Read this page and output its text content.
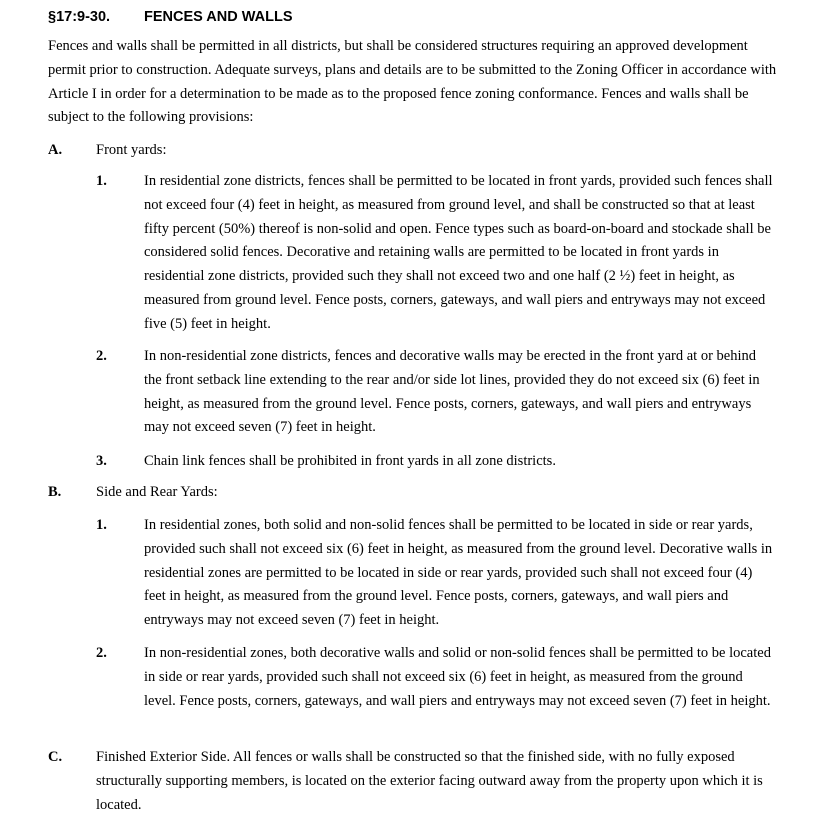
§17:9-30. FENCES AND WALLS
Fences and walls shall be permitted in all districts, but shall be considered structures requiring an approved development permit prior to construction. Adequate surveys, plans and details are to be submitted to the Zoning Officer in accordance with Article I in order for a determination to be made as to the proposed fence zoning conformance. Fences and walls shall be subject to the following provisions:
A.	Front yards:
1.	In residential zone districts, fences shall be permitted to be located in front yards, provided such fences shall not exceed four (4) feet in height, as measured from ground level, and shall be constructed so that at least fifty percent (50%) thereof is non-solid and open. Fence types such as board-on-board and stockade shall be considered solid fences. Decorative and retaining walls are permitted to be located in front yards in residential zone districts, provided such they shall not exceed two and one half (2 ½) feet in height, as measured from ground level. Fence posts, corners, gateways, and wall piers and entryways may not exceed five (5) feet in height.
2.	In non-residential zone districts, fences and decorative walls may be erected in the front yard at or behind the front setback line extending to the rear and/or side lot lines, provided they do not exceed six (6) feet in height, as measured from the ground level. Fence posts, corners, gateways, and wall piers and entryways may not exceed seven (7) feet in height.
3.	Chain link fences shall be prohibited in front yards in all zone districts.
B.	Side and Rear Yards:
1.	In residential zones, both solid and non-solid fences shall be permitted to be located in side or rear yards, provided such shall not exceed six (6) feet in height, as measured from the ground level. Decorative walls in residential zones are permitted to be located in side or rear yards, provided such shall not exceed four (4) feet in height, as measured from the ground level. Fence posts, corners, gateways, and wall piers and entryways may not exceed seven (7) feet in height.
2.	In non-residential zones, both decorative walls and solid or non-solid fences shall be permitted to be located in side or rear yards, provided such shall not exceed six (6) feet in height, as measured from the ground level. Fence posts, corners, gateways, and wall piers and entryways may not exceed seven (7) feet in height.
C.	Finished Exterior Side. All fences or walls shall be constructed so that the finished side, with no fully exposed structurally supporting members, is located on the exterior facing outward away from the property upon which it is located.
